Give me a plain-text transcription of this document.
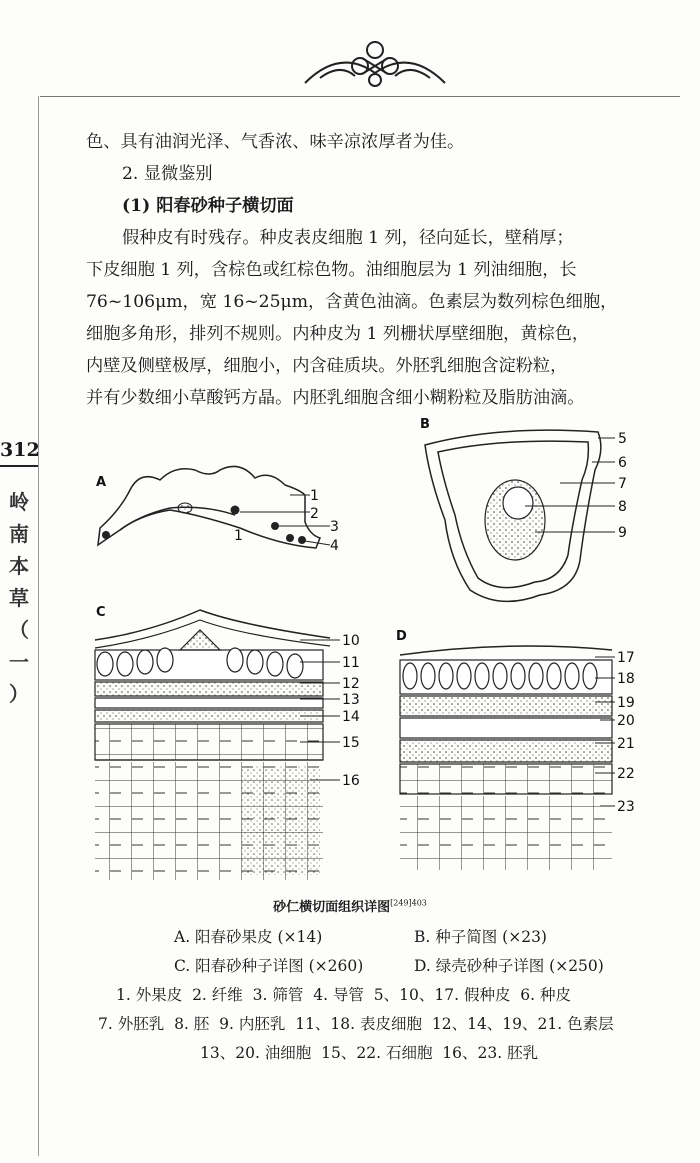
312
岭
南
本
草
（
一
）

色、具有油润光泽、气香浓、味辛凉浓厚者为佳。

2. 显微鉴别

(1) 阳春砂种子横切面

假种皮有时残存。种皮表皮细胞 1 列，径向延长，壁稍厚；

下皮细胞 1 列，含棕色或红棕色物。油细胞层为 1 列油细胞，长

76~106μm，宽 16~25μm，含黄色油滴。色素层为数列棕色细胞，

细胞多角形，排列不规则。内种皮为 1 列栅状厚壁细胞，黄棕色，

内壁及侧壁极厚，细胞小，内含硅质块。外胚乳细胞含淀粉粒，

并有少数细小草酸钙方晶。内胚乳细胞含细小糊粉粒及脂肪油滴。

A
1
1
2
3
4
B
5
6
7
8
9
C
10
11
12
13
14
15
16
D
17
18
19
20
21
22
23
砂仁横切面组织详图$^{[249]403}$
A. 阳春砂果皮 (×14)	B. 种子简图 (×23)
C. 阳春砂种子详图 (×260)	D. 绿壳砂种子详图 (×250)
1. 外果皮  2. 纤维  3. 筛管  4. 导管  5、10、17. 假种皮  6. 种皮
7. 外胚乳  8. 胚  9. 内胚乳  11、18. 表皮细胞  12、14、19、21. 色素层
13、20. 油细胞  15、22. 石细胞  16、23. 胚乳
